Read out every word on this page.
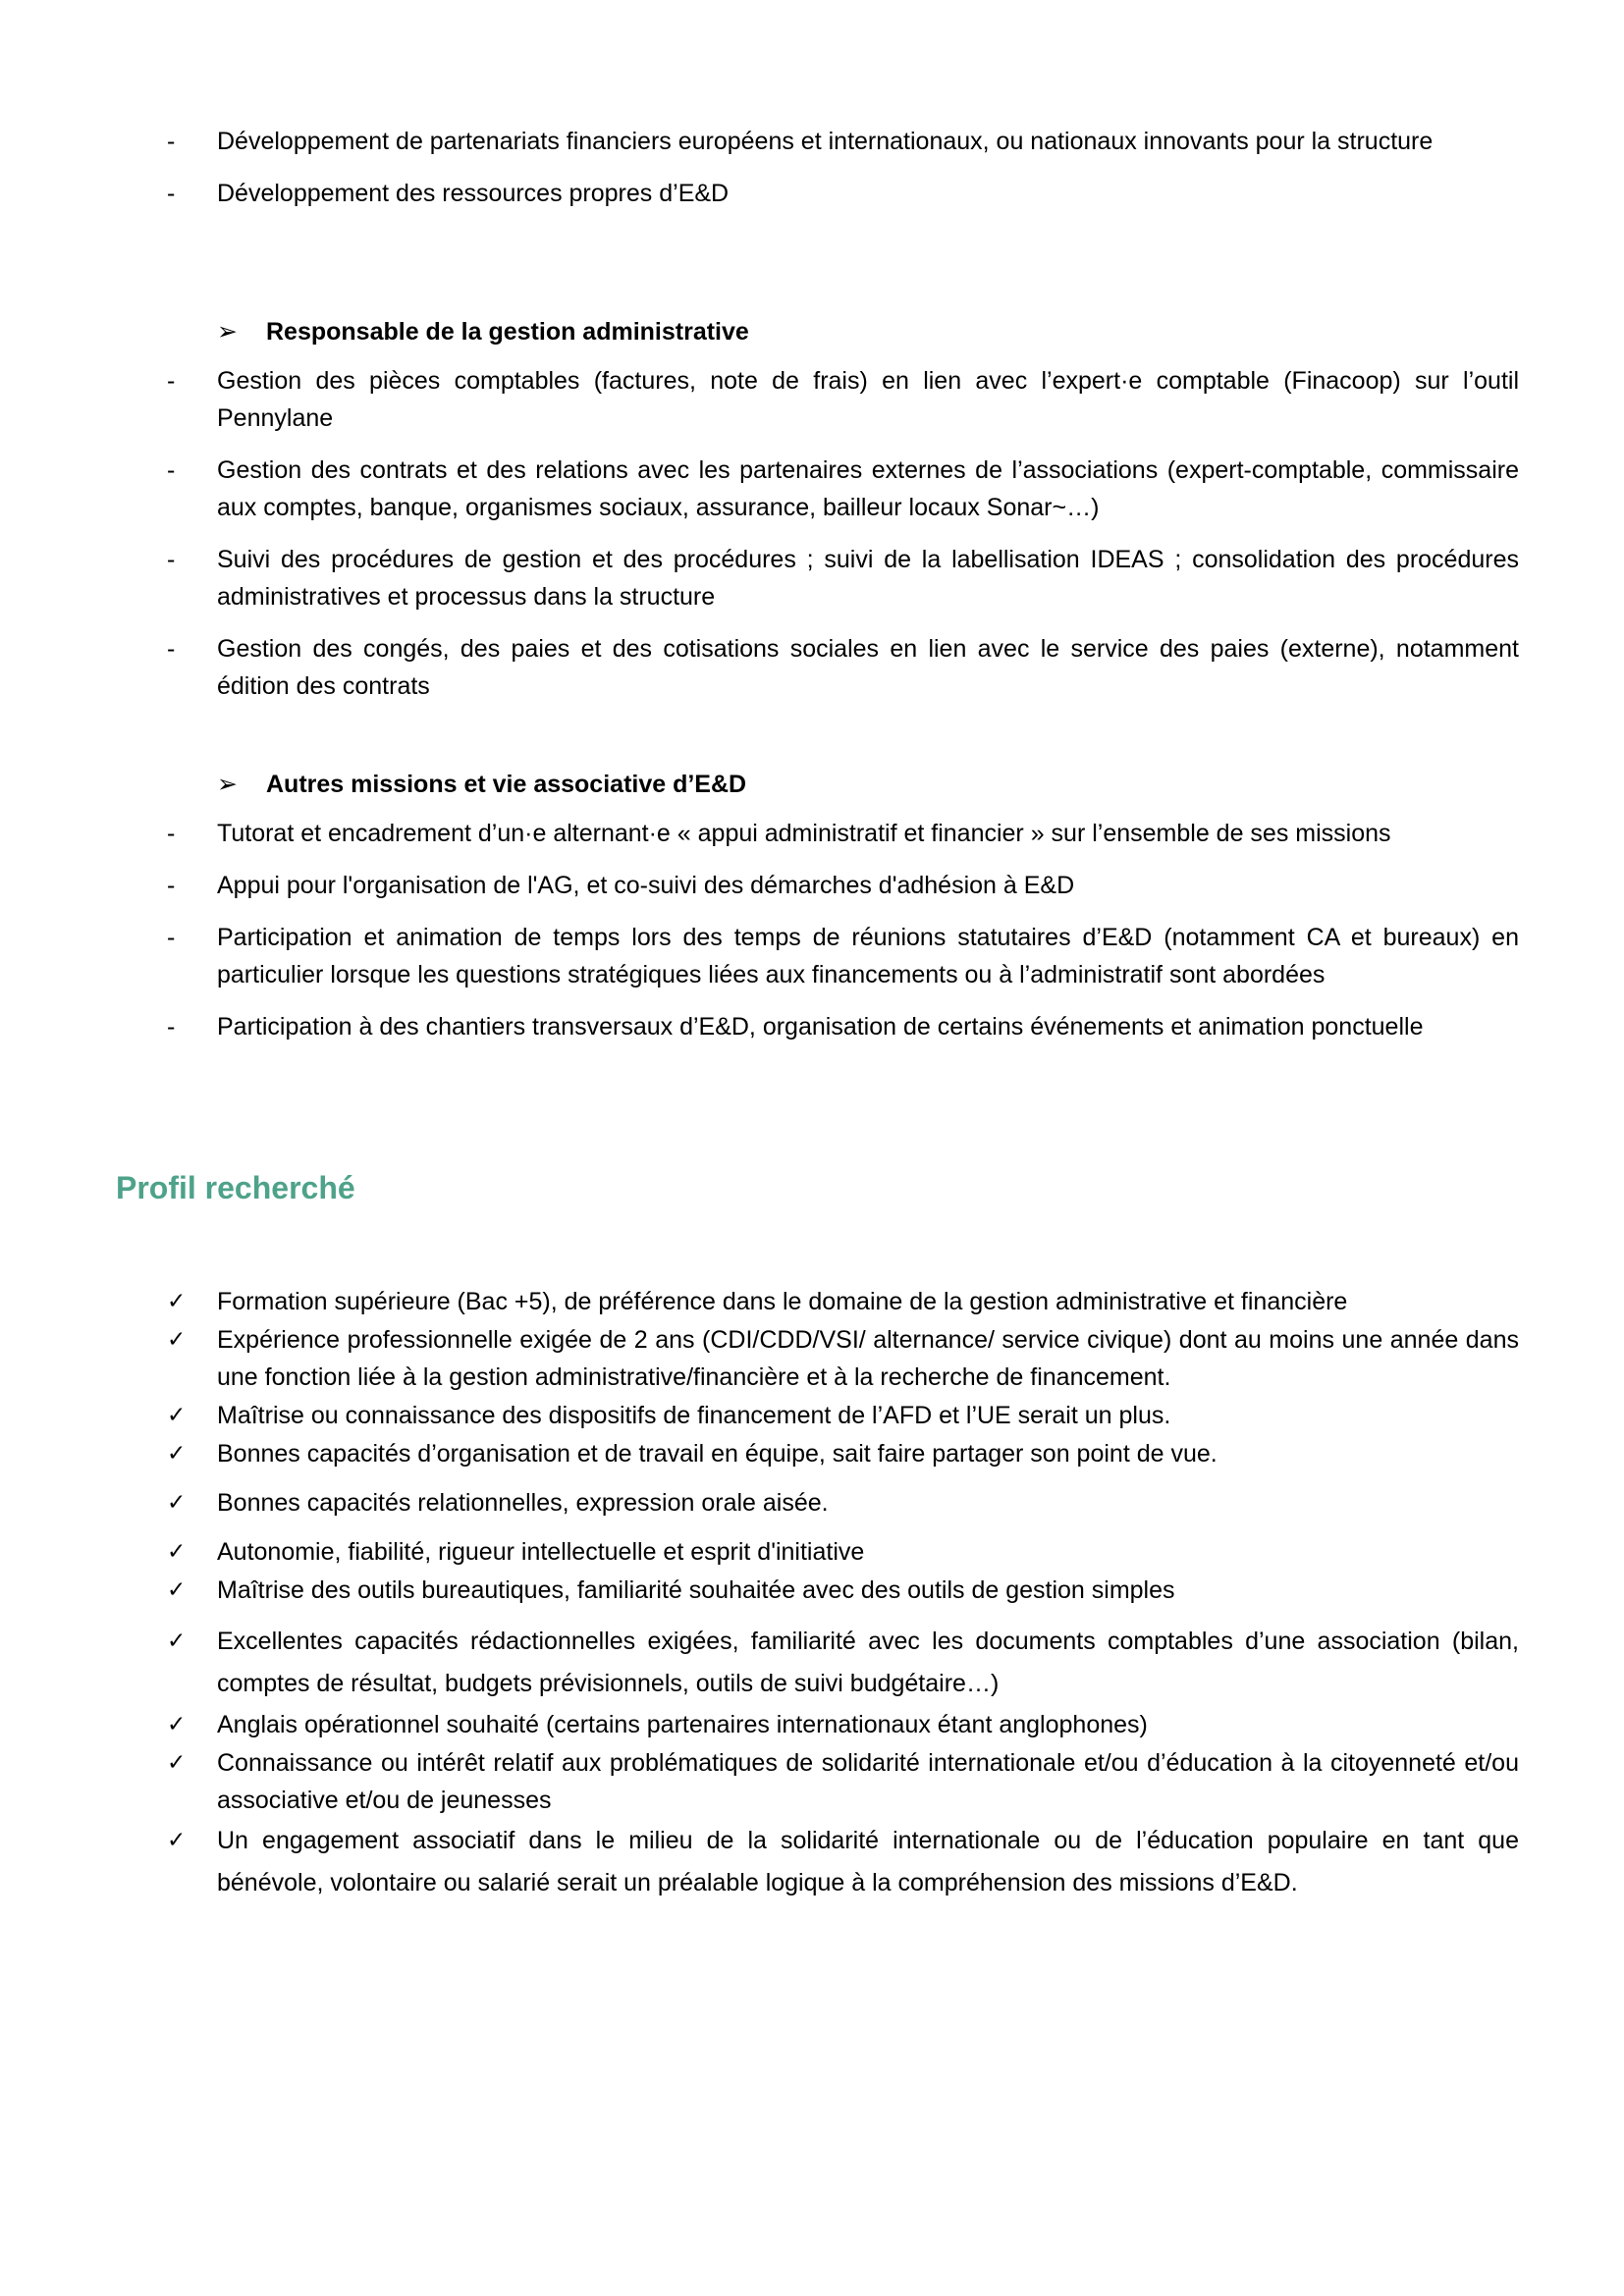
- Développement de partenariats financiers européens et internationaux, ou nationaux innovants pour la structure
- Développement des ressources propres d’E&D
➢ Responsable de la gestion administrative
- Gestion des pièces comptables (factures, note de frais) en lien avec l’expert·e comptable (Finacoop) sur l’outil Pennylane
- Gestion des contrats et des relations avec les partenaires externes de l’associations (expert-comptable, commissaire aux comptes, banque, organismes sociaux, assurance, bailleur locaux Sonar~…)
- Suivi des procédures de gestion et des procédures ; suivi de la labellisation IDEAS ; consolidation des procédures administratives et processus dans la structure
- Gestion des congés, des paies et des cotisations sociales en lien avec le service des paies (externe), notamment édition des contrats
➢ Autres missions et vie associative d’E&D
- Tutorat et encadrement d’un·e alternant·e « appui administratif et financier » sur l’ensemble de ses missions
- Appui pour l'organisation de l'AG, et co-suivi des démarches d'adhésion à E&D
- Participation et animation de temps lors des temps de réunions statutaires d’E&D (notamment CA et bureaux) en particulier lorsque les questions stratégiques liées aux financements ou à l’administratif sont abordées
- Participation à des chantiers transversaux d’E&D, organisation de certains événements et animation ponctuelle
Profil recherché
✓ Formation supérieure (Bac +5), de préférence dans le domaine de la gestion administrative et financière
✓ Expérience professionnelle exigée de 2 ans (CDI/CDD/VSI/ alternance/ service civique) dont au moins une année dans une fonction liée à la gestion administrative/financière et à la recherche de financement.
✓ Maîtrise ou connaissance des dispositifs de financement de l’AFD et l’UE serait un plus.
✓ Bonnes capacités d’organisation et de travail en équipe, sait faire partager son point de vue.
✓ Bonnes capacités relationnelles, expression orale aisée.
✓ Autonomie, fiabilité, rigueur intellectuelle et esprit d'initiative
✓ Maîtrise des outils bureautiques, familiarité souhaitée avec des outils de gestion simples
✓ Excellentes capacités rédactionnelles exigées, familiarité avec les documents comptables d’une association (bilan, comptes de résultat, budgets prévisionnels, outils de suivi budgétaire…)
✓ Anglais opérationnel souhaité (certains partenaires internationaux étant anglophones)
✓ Connaissance ou intérêt relatif aux problématiques de solidarité internationale et/ou d’éducation à la citoyenneté et/ou associative et/ou de jeunesses
✓ Un engagement associatif dans le milieu de la solidarité internationale ou de l’éducation populaire en tant que bénévole, volontaire ou salarié serait un préalable logique à la compréhension des missions d’E&D.
